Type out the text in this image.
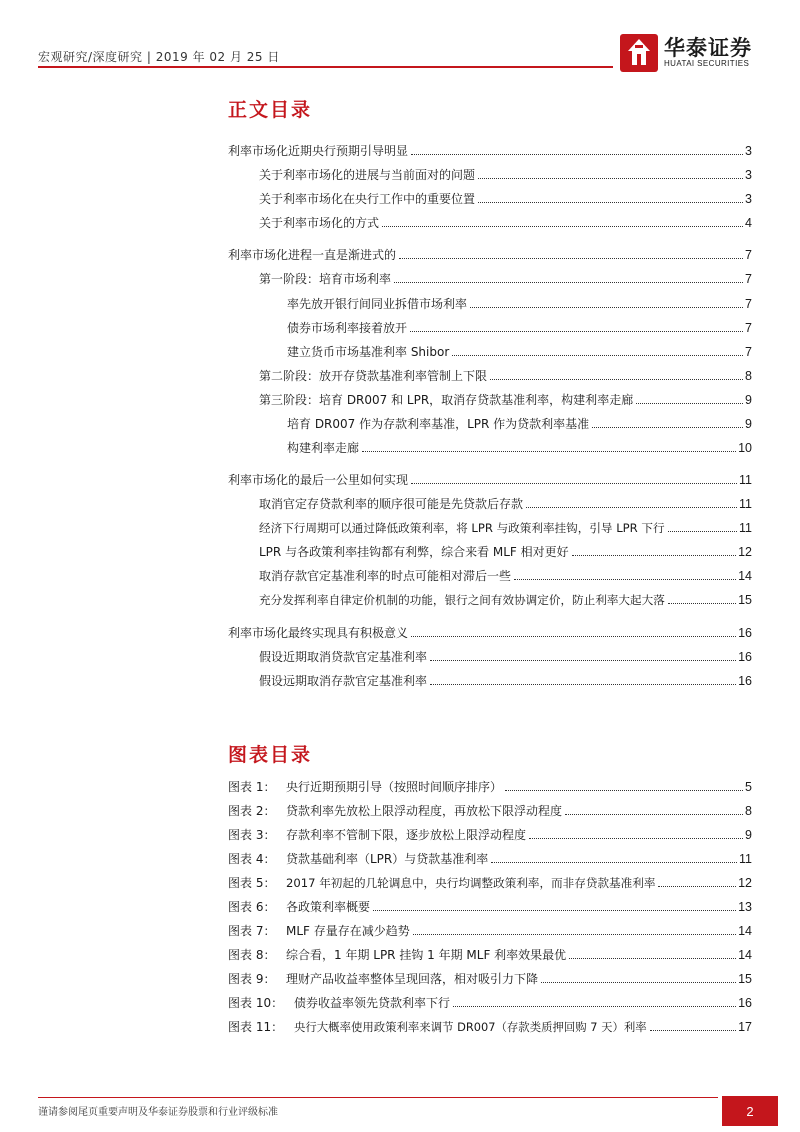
宏观研究/深度研究 | 2019 年 02 月 25 日	华泰证券
HUATAI SECURITIES
正文目录
利率市场化近期央行预期引导明显	3
关于利率市场化的进展与当前面对的问题	3
关于利率市场化在央行工作中的重要位置	3
关于利率市场化的方式	4
利率市场化进程一直是渐进式的	7
第一阶段：培育市场利率	7
率先放开银行间同业拆借市场利率	7
债券市场利率接着放开	7
建立货币市场基准利率 Shibor	7
第二阶段：放开存贷款基准利率管制上下限	8
第三阶段：培育 DR007 和 LPR，取消存贷款基准利率，构建利率走廊	9
培育 DR007 作为存款利率基准，LPR 作为贷款利率基准	9
构建利率走廊	10
利率市场化的最后一公里如何实现	11
取消官定存贷款利率的顺序很可能是先贷款后存款	11
经济下行周期可以通过降低政策利率，将 LPR 与政策利率挂钩，引导 LPR 下行	11
LPR 与各政策利率挂钩都有利弊，综合来看 MLF 相对更好	12
取消存款官定基准利率的时点可能相对滞后一些	14
充分发挥利率自律定价机制的功能，银行之间有效协调定价，防止利率大起大落	15
利率市场化最终实现具有积极意义	16
假设近期取消贷款官定基准利率	16
假设远期取消存款官定基准利率	16
图表目录
图表 1： 央行近期预期引导（按照时间顺序排序）	5
图表 2： 贷款利率先放松上限浮动程度，再放松下限浮动程度	8
图表 3： 存款利率不管制下限，逐步放松上限浮动程度	9
图表 4： 贷款基础利率（LPR）与贷款基准利率	11
图表 5： 2017 年初起的几轮调息中，央行均调整政策利率，而非存贷款基准利率	12
图表 6： 各政策利率概要	13
图表 7： MLF 存量存在减少趋势	14
图表 8： 综合看，1 年期 LPR 挂钩 1 年期 MLF 利率效果最优	14
图表 9： 理财产品收益率整体呈现回落，相对吸引力下降	15
图表 10： 债券收益率领先贷款利率下行	16
图表 11： 央行大概率使用政策利率来调节 DR007（存款类质押回购 7 天）利率	17
谨请参阅尾页重要声明及华泰证券股票和行业评级标准	2
